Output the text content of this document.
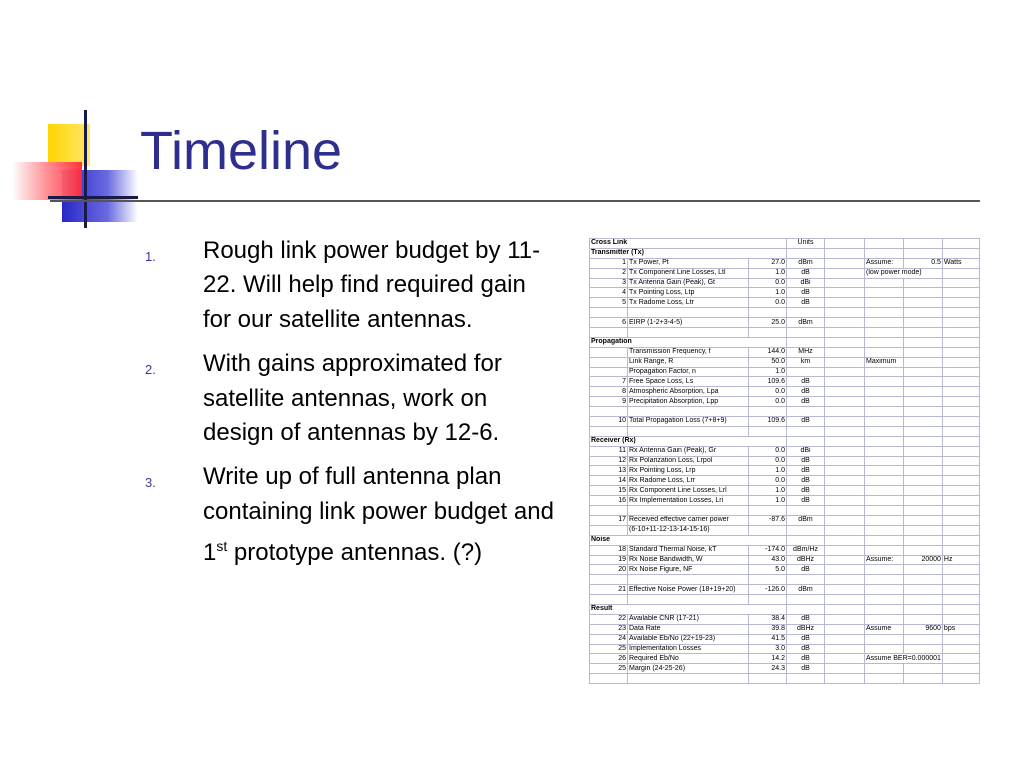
Timeline
1. Rough link power budget by 11-22. Will help find required gain for our satellite antennas.
2. With gains approximated for satellite antennas, work on design of antennas by 12-6.
3. Write up of full antenna plan containing link power budget and 1st prototype antennas. (?)
Cross Link			Units				
Transmitter (Tx)							
1	Tx Power, Pt	27.0	dBm		Assume:	0.5	Watts
2	Tx Component Line Losses, Ltl	1.0	dB		(low power mode)		
3	Tx Antenna Gain (Peak), Gt	0.0	dBi				
4	Tx Pointing Loss, Ltp	1.0	dB				
5	Tx Radome Loss, Ltr	0.0	dB				

6	EIRP (1-2+3-4-5)	25.0	dBm				

Propagation							
	Transmission Frequency, f	144.0	MHz				
	Link Range, R	50.0	km		Maximum		
	Propagation Factor, n	1.0					
7	Free Space Loss, Ls	109.6	dB				
8	Atmospheric Absorption, Lpa	0.0	dB				
9	Precipitation Absorption, Lpp	0.0	dB				

10	Total Propagation Loss (7+8+9)	109.6	dB				

Receiver (Rx)							
11	Rx Antenna Gain (Peak), Gr	0.0	dBi				
12	Rx Polarization Loss, Lrpol	0.0	dB				
13	Rx Pointing Loss, Lrp	1.0	dB				
14	Rx Radome Loss, Lrr	0.0	dB				
15	Rx Component Line Losses, Lrl	1.0	dB				
16	Rx Implementation Losses, Lri	1.0	dB				

17	Received effective carrier power	-87.6	dBm				
	(6-10+11-12-13-14-15-16)						
Noise							
18	Standard Thermal Noise, kT	-174.0	dBm/Hz				
19	Rx Noise Bandwidth, W	43.0	dBHz		Assume:	20000	Hz
20	Rx Noise Figure, NF	5.0	dB				

21	Effective Noise Power (18+19+20)	-126.0	dBm				

Result							
22	Available CNR (17-21)	38.4	dB				
23	Data Rate	39.8	dBHz		Assume	9600	bps
24	Available Eb/No (22+19-23)	41.5	dB				
25	Implementation Losses	3.0	dB				
26	Required Eb/No	14.2	dB		Assume BER=0.000001		
25	Margin (24-25-26)	24.3	dB				
